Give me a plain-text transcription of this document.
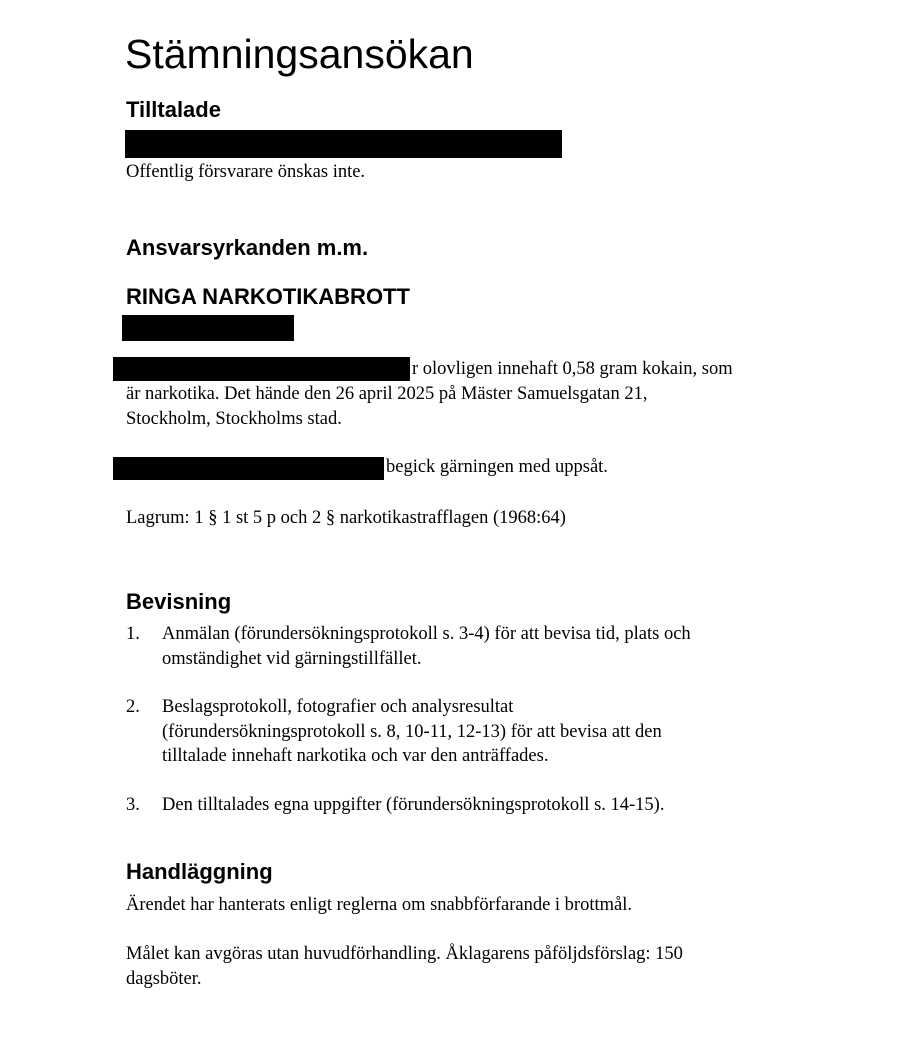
Stämningsansökan
Tilltalade
Offentlig försvarare önskas inte.
Ansvarsyrkanden m.m.
RINGA NARKOTIKABROTT
r olovligen innehaft 0,58 gram kokain, som
är narkotika. Det hände den 26 april 2025 på Mäster Samuelsgatan 21,
Stockholm, Stockholms stad.
begick gärningen med uppsåt.
Lagrum: 1 § 1 st 5 p och 2 § narkotikastrafflagen (1968:64)
Bevisning
1. Anmälan (förundersökningsprotokoll s. 3-4) för att bevisa tid, plats och
omständighet vid gärningstillfället.
2. Beslagsprotokoll, fotografier och analysresultat
(förundersökningsprotokoll s. 8, 10-11, 12-13) för att bevisa att den
tilltalade innehaft narkotika och var den anträffades.
3. Den tilltalades egna uppgifter (förundersökningsprotokoll s. 14-15).
Handläggning
Ärendet har hanterats enligt reglerna om snabbförfarande i brottmål.
Målet kan avgöras utan huvudförhandling. Åklagarens påföljdsförslag: 150
dagsböter.
